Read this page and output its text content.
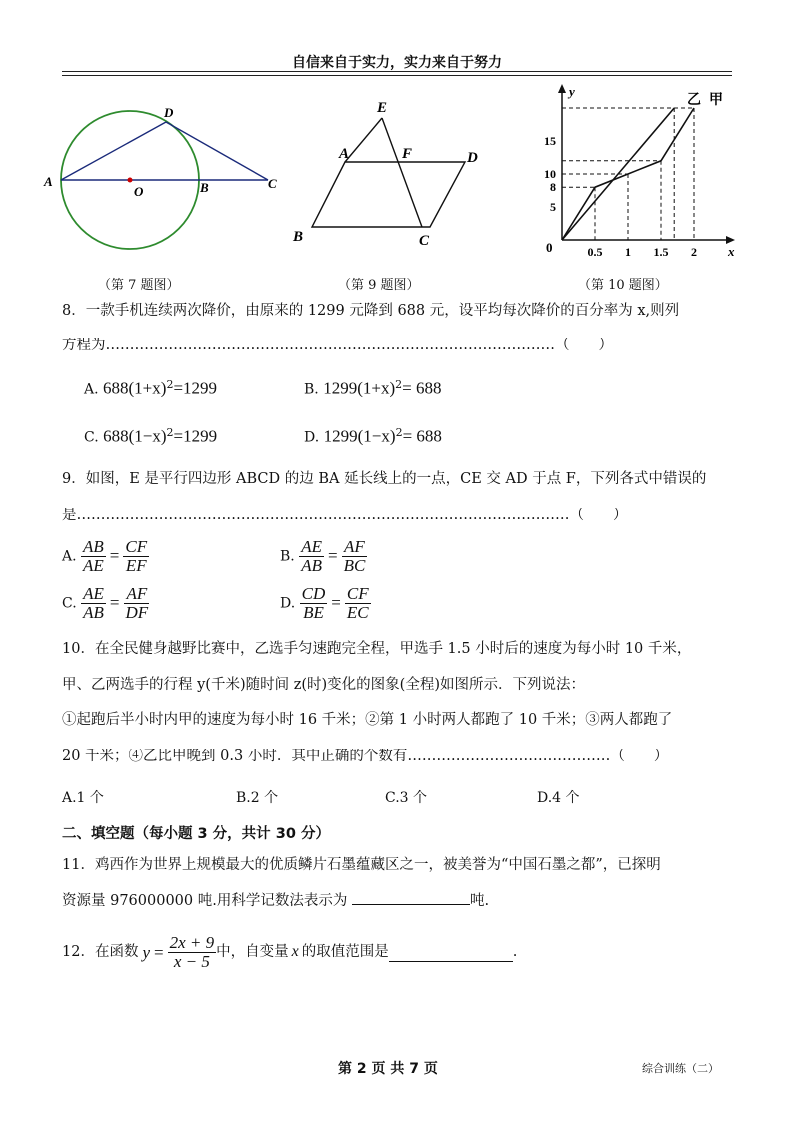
自信来自于实力，实力来自于努力
A
O	B	C
D
（第 7 题图）
E
A	F	D
B	C
（第 9 题图）
y
x
0
5
8
10
15
0.5 1 1.5 2
乙 甲
（第 10 题图）
8．一款手机连续两次降价，由原来的 1299 元降到 688 元，设平均每次降价的百分率为 x,则列
方程为…………………………………………………………………………………（　　）
A. $688(1+x)^2=1299$	B. $1299(1+x)^2= 688$
C. $688(1-x)^2=1299$	D. $1299(1-x)^2= 688$
9．如图，E 是平行四边形 ABCD 的边 BA 延长线上的一点，CE 交 AD 于点 F，下列各式中错误的
是…………………………………………………………………………………………（　　）
A. $\frac{AB}{AE} = \frac{CF}{EF}$	B. $\frac{AE}{AB} = \frac{AF}{BC}$
C. $\frac{AE}{AB} = \frac{AF}{DF}$	D. $\frac{CD}{BE} = \frac{CF}{EC}$
10．在全民健身越野比赛中，乙选手匀速跑完全程，甲选手 1.5 小时后的速度为每小时 10 千米，
甲、乙两选手的行程 y(千米)随时间 z(时)变化的图象(全程)如图所示．下列说法：
①起跑后半小时内甲的速度为每小时 16 千米；②第 1 小时两人都跑了 10 千米；③两人都跑了
20 千米；④乙比甲晚到 0.3 小时．其中正确的个数有……………………………………（　　）
A.1 个	B.2 个	C.3 个	D.4 个
二、填空题（每小题 3 分，共计 30 分）
11．鸡西作为世界上规模最大的优质鳞片石墨蕴藏区之一，被美誉为“中国石墨之都”，已探明
资源量 976000000 吨.用科学记数法表示为	吨.
12．在函数 $y = \frac{2x + 9}{x - 5}$ 中，自变量 x 的取值范围是	.
第 2 页 共 7 页	综合训练（二）
